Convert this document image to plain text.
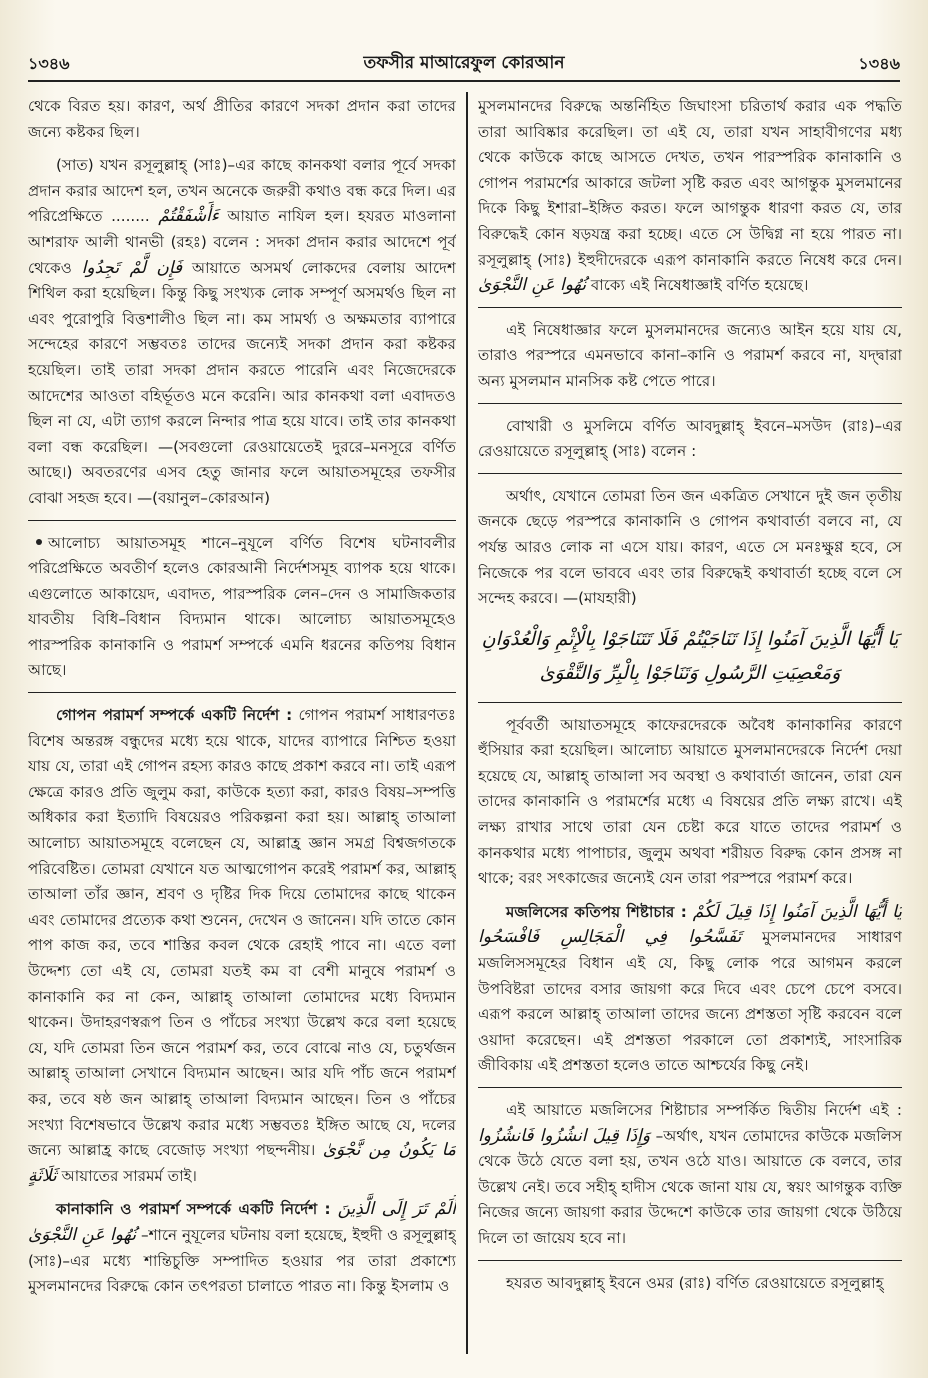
১৩৪৬	তফসীর মাআরেফুল কোরআন	১৩৪৬

থেকে বিরত হয়। কারণ, অর্থ প্রীতির কারণে সদকা প্রদান করা তাদের জন্যে কষ্টকর ছিল।

(সাত) যখন রসূলুল্লাহ্ (সাঃ)–এর কাছে কানকথা বলার পূর্বে সদকা প্রদান করার আদেশ হল, তখন অনেকে জরুরী কথাও বন্ধ করে দিল। এর পরিপ্রেক্ষিতে ........ ءَأَشْفَقْتُمْ আয়াত নাযিল হল। হযরত মাওলানা আশরাফ আলী থানভী (রহঃ) বলেন : সদকা প্রদান করার আদেশে পূর্ব থেকেও فَإِن لَّمْ تَجِدُوا আয়াতে অসমর্থ লোকদের বেলায় আদেশ শিথিল করা হয়েছিল। কিন্তু কিছু সংখ্যক লোক সম্পূর্ণ অসমর্থও ছিল না এবং পুরোপুরি বিত্তশালীও ছিল না। কম সামর্থ্য ও অক্ষমতার ব্যাপারে সন্দেহের কারণে সম্ভবতঃ তাদের জন্যেই সদকা প্রদান করা কষ্টকর হয়েছিল। তাই তারা সদকা প্রদান করতে পারেনি এবং নিজেদেরকে আদেশের আওতা বহির্ভূতও মনে করেনি। আর কানকথা বলা এবাদতও ছিল না যে, এটা ত্যাগ করলে নিন্দার পাত্র হয়ে যাবে। তাই তার কানকথা বলা বন্ধ করেছিল। —(সবগুলো রেওয়ায়েতেই দুররে–মনসূরে বর্ণিত আছে।) অবতরণের এসব হেতু জানার ফলে আয়াতসমূহের তফসীর বোঝা সহজ হবে। —(বয়ানুল–কোরআন)

আলোচ্য আয়াতসমূহ শানে–নুযূলে বর্ণিত বিশেষ ঘটনাবলীর পরিপ্রেক্ষিতে অবতীর্ণ হলেও কোরআনী নির্দেশসমূহ ব্যাপক হয়ে থাকে। এগুলোতে আকায়েদ, এবাদত, পারস্পরিক লেন–দেন ও সামাজিকতার যাবতীয় বিধি–বিধান বিদ্যমান থাকে। আলোচ্য আয়াতসমূহেও পারস্পরিক কানাকানি ও পরামর্শ সম্পর্কে এমনি ধরনের কতিপয় বিধান আছে।

গোপন পরামর্শ সম্পর্কে একটি নির্দেশ : গোপন পরামর্শ সাধারণতঃ বিশেষ অন্তরঙ্গ বন্ধুদের মধ্যে হয়ে থাকে, যাদের ব্যাপারে নিশ্চিত হওয়া যায় যে, তারা এই গোপন রহস্য কারও কাছে প্রকাশ করবে না। তাই এরূপ ক্ষেত্রে কারও প্রতি জুলুম করা, কাউকে হত্যা করা, কারও বিষয়–সম্পত্তি অধিকার করা ইত্যাদি বিষয়েরও পরিকল্পনা করা হয়। আল্লাহ্ তাআলা আলোচ্য আয়াতসমূহে বলেছেন যে, আল্লাহ্র জ্ঞান সমগ্র বিশ্বজগতকে পরিবেষ্টিত। তোমরা যেখানে যত আত্মগোপন করেই পরামর্শ কর, আল্লাহ্ তাআলা তাঁর জ্ঞান, শ্রবণ ও দৃষ্টির দিক দিয়ে তোমাদের কাছে থাকেন এবং তোমাদের প্রত্যেক কথা শুনেন, দেখেন ও জানেন। যদি তাতে কোন পাপ কাজ কর, তবে শাস্তির কবল থেকে রেহাই পাবে না। এতে বলা উদ্দেশ্য তো এই যে, তোমরা যতই কম বা বেশী মানুষে পরামর্শ ও কানাকানি কর না কেন, আল্লাহ্ তাআলা তোমাদের মধ্যে বিদ্যমান থাকেন। উদাহরণস্বরূপ তিন ও পাঁচের সংখ্যা উল্লেখ করে বলা হয়েছে যে, যদি তোমরা তিন জনে পরামর্শ কর, তবে বোঝে নাও যে, চতুর্থজন আল্লাহ্ তাআলা সেখানে বিদ্যমান আছেন। আর যদি পাঁচ জনে পরামর্শ কর, তবে ষষ্ঠ জন আল্লাহ্ তাআলা বিদ্যমান আছেন। তিন ও পাঁচের সংখ্যা বিশেষভাবে উল্লেখ করার মধ্যে সম্ভবতঃ ইঙ্গিত আছে যে, দলের জন্যে আল্লাহ্র কাছে বেজোড় সংখ্যা পছন্দনীয়। مَا يَكُونُ مِن نَّجْوَىٰ ثَلَاثَةٍ আয়াতের সারমর্ম তাই।

কানাকানি ও পরামর্শ সম্পর্কে একটি নির্দেশ : أَلَمْ تَرَ إِلَى الَّذِينَ نُهُوا عَنِ النَّجْوَىٰ –শানে নুযূলের ঘটনায় বলা হয়েছে, ইহুদী ও রসূলুল্লাহ্ (সাঃ)–এর মধ্যে শান্তিচুক্তি সম্পাদিত হওয়ার পর তারা প্রকাশ্যে মুসলমানদের বিরুদ্ধে কোন তৎপরতা চালাতে পারত না। কিন্তু ইসলাম ও

মুসলমানদের বিরুদ্ধে অন্তর্নিহিত জিঘাংসা চরিতার্থ করার এক পদ্ধতি তারা আবিষ্কার করেছিল। তা এই যে, তারা যখন সাহাবীগণের মধ্য থেকে কাউকে কাছে আসতে দেখত, তখন পারস্পরিক কানাকানি ও গোপন পরামর্শের আকারে জটলা সৃষ্টি করত এবং আগন্তুক মুসলমানের দিকে কিছু ইশারা–ইঙ্গিত করত। ফলে আগন্তুক ধারণা করত যে, তার বিরুদ্ধেই কোন ষড়যন্ত্র করা হচ্ছে। এতে সে উদ্বিগ্ন না হয়ে পারত না। রসূলুল্লাহ্ (সাঃ) ইহুদীদেরকে এরূপ কানাকানি করতে নিষেধ করে দেন। نُهُوا عَنِ النَّجْوَىٰ বাক্যে এই নিষেধাজ্ঞাই বর্ণিত হয়েছে।

এই নিষেধাজ্ঞার ফলে মুসলমানদের জন্যেও আইন হয়ে যায় যে, তারাও পরস্পরে এমনভাবে কানা–কানি ও পরামর্শ করবে না, যদ্দ্বারা অন্য মুসলমান মানসিক কষ্ট পেতে পারে।

বোখারী ও মুসলিমে বর্ণিত আবদুল্লাহ্ ইবনে–মসউদ (রাঃ)–এর রেওয়ায়েতে রসূলুল্লাহ্ (সাঃ) বলেন :

অর্থাৎ, যেখানে তোমরা তিন জন একত্রিত সেখানে দুই জন তৃতীয় জনকে ছেড়ে পরস্পরে কানাকানি ও গোপন কথাবার্তা বলবে না, যে পর্যন্ত আরও লোক না এসে যায়। কারণ, এতে সে মনঃক্ষুণ্ণ হবে, সে নিজেকে পর বলে ভাববে এবং তার বিরুদ্ধেই কথাবার্তা হচ্ছে বলে সে সন্দেহ করবে। —(মাযহারী)

يَا أَيُّهَا الَّذِينَ آمَنُوا إِذَا تَنَاجَيْتُمْ فَلَا تَتَنَاجَوْا بِالْإِثْمِ وَالْعُدْوَانِ
وَمَعْصِيَتِ الرَّسُولِ وَتَنَاجَوْا بِالْبِرِّ وَالتَّقْوَىٰ

পূর্ববর্তী আয়াতসমূহে কাফেরদেরকে অবৈধ কানাকানির কারণে হুঁসিয়ার করা হয়েছিল। আলোচ্য আয়াতে মুসলমানদেরকে নির্দেশ দেয়া হয়েছে যে, আল্লাহ্ তাআলা সব অবস্থা ও কথাবার্তা জানেন, তারা যেন তাদের কানাকানি ও পরামর্শের মধ্যে এ বিষয়ের প্রতি লক্ষ্য রাখে। এই লক্ষ্য রাখার সাথে তারা যেন চেষ্টা করে যাতে তাদের পরামর্শ ও কানকথার মধ্যে পাপাচার, জুলুম অথবা শরীয়ত বিরুদ্ধ কোন প্রসঙ্গ না থাকে; বরং সৎকাজের জন্যেই যেন তারা পরস্পরে পরামর্শ করে।

মজলিসের কতিপয় শিষ্টাচার : يَا أَيُّهَا الَّذِينَ آمَنُوا إِذَا قِيلَ لَكُمْ تَفَسَّحُوا فِي الْمَجَالِسِ فَافْسَحُوا মুসলমানদের সাধারণ মজলিসসমূহের বিধান এই যে, কিছু লোক পরে আগমন করলে উপবিষ্টরা তাদের বসার জায়গা করে দিবে এবং চেপে চেপে বসবে। এরূপ করলে আল্লাহ্ তাআলা তাদের জন্যে প্রশস্ততা সৃষ্টি করবেন বলে ওয়াদা করেছেন। এই প্রশস্ততা পরকালে তো প্রকাশ্যই, সাংসারিক জীবিকায় এই প্রশস্ততা হলেও তাতে আশ্চর্যের কিছু নেই।

এই আয়াতে মজলিসের শিষ্টাচার সম্পর্কিত দ্বিতীয় নির্দেশ এই : وَإِذَا قِيلَ انشُزُوا فَانشُزُوا –অর্থাৎ, যখন তোমাদের কাউকে মজলিস থেকে উঠে যেতে বলা হয়, তখন ওঠে যাও। আয়াতে কে বলবে, তার উল্লেখ নেই। তবে সহীহ্ হাদীস থেকে জানা যায় যে, স্বয়ং আগন্তুক ব্যক্তি নিজের জন্যে জায়গা করার উদ্দেশে কাউকে তার জায়গা থেকে উঠিয়ে দিলে তা জায়েয হবে না।

হযরত আবদুল্লাহ্ ইবনে ওমর (রাঃ) বর্ণিত রেওয়ায়েতে রসূলুল্লাহ্
